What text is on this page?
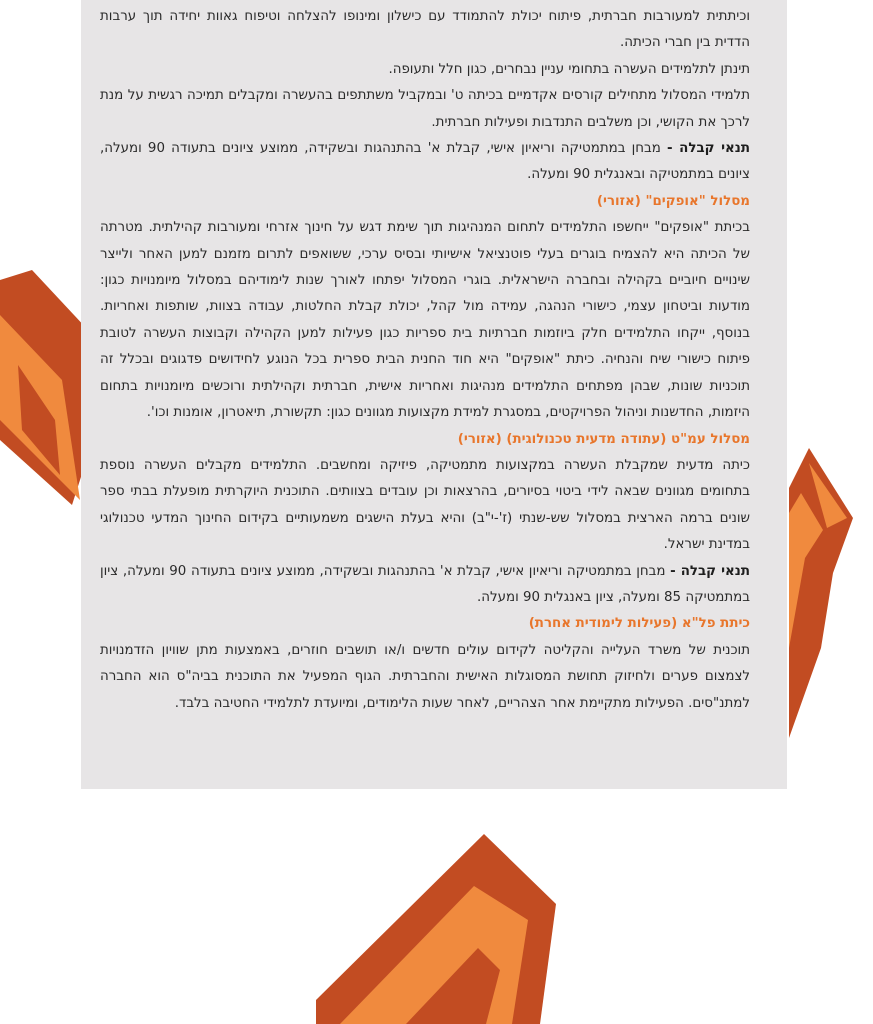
וכיתתית למעורבות חברתית, פיתוח יכולת להתמודד עם כישלון ומינופו להצלחה וטיפוח גאוות יחידה תוך ערבות הדדית בין חברי הכיתה.

תינתן לתלמידים העשרה בתחומי עניין נבחרים, כגון חלל ותעופה.

תלמידי המסלול מתחילים קורסים אקדמיים בכיתה ט' ובמקביל משתתפים בהעשרה ומקבלים תמיכה רגשית על מנת לרכך את הקושי, וכן משלבים התנדבות ופעילות חברתית.

תנאי קבלה - מבחן במתמטיקה וריאיון אישי, קבלת א' בהתנהגות ובשקידה, ממוצע ציונים בתעודה 90 ומעלה, ציונים במתמטיקה ובאנגלית 90 ומעלה.

מסלול "אופקים" (אזורי)

בכיתת "אופקים" ייחשפו התלמידים לתחום המנהיגות תוך שימת דגש על חינוך אזרחי ומעורבות קהילתית. מטרתה של הכיתה היא להצמיח בוגרים בעלי פוטנציאל אישיותי ובסיס ערכי, ששואפים לתרום מזמנם למען האחר ולייצר שינויים חיוביים בקהילה ובחברה הישראלית. בוגרי המסלול יפתחו לאורך שנות לימודיהם במסלול מיומנויות כגון: מודעות וביטחון עצמי, כישורי הנהגה, עמידה מול קהל, יכולת קבלת החלטות, עבודה בצוות, שותפות ואחריות. בנוסף, ייקחו התלמידים חלק ביוזמות חברתיות בית ספריות כגון פעילות למען הקהילה וקבוצות העשרה לטובת פיתוח כישורי שיח והנחיה. כיתת "אופקים" היא חוד החנית הבית ספרית בכל הנוגע לחידושים פדגוגים ובכלל זה תוכניות שונות, שבהן מפתחים התלמידים מנהיגות ואחריות אישית, חברתית וקהילתית ורוכשים מיומנויות בתחום היזמות, החדשנות וניהול הפרויקטים, במסגרת למידת מקצועות מגוונים כגון: תקשורת, תיאטרון, אומנות וכו'.

מסלול עמ"ט (עתודה מדעית טכנולוגית) (אזורי)

כיתה מדעית שמקבלת העשרה במקצועות מתמטיקה, פיזיקה ומחשבים. התלמידים מקבלים העשרה נוספת בתחומים מגוונים שבאה לידי ביטוי בסיורים, בהרצאות וכן עובדים בצוותים. התוכנית היוקרתית מופעלת בבתי ספר שונים ברמה הארצית במסלול שש-שנתי (ז'-י"ב) והיא בעלת הישגים משמעותיים בקידום החינוך המדעי טכנולוגי במדינת ישראל.

תנאי קבלה - מבחן במתמטיקה וריאיון אישי, קבלת א' בהתנהגות ובשקידה, ממוצע ציונים בתעודה 90 ומעלה, ציון במתמטיקה 85 ומעלה, ציון באנגלית 90 ומעלה.

כיתת פל"א (פעילות לימודית אחרת)

תוכנית של משרד העלייה והקליטה לקידום עולים חדשים ו/או תושבים חוזרים, באמצעות מתן שוויון הזדמנויות לצמצום פערים ולחיזוק תחושת המסוגלות האישית והחברתית. הגוף המפעיל את התוכנית בביה"ס הוא החברה למתנ"סים. הפעילות מתקיימת אחר הצהריים, לאחר שעות הלימודים, ומיועדת לתלמידי החטיבה בלבד.
